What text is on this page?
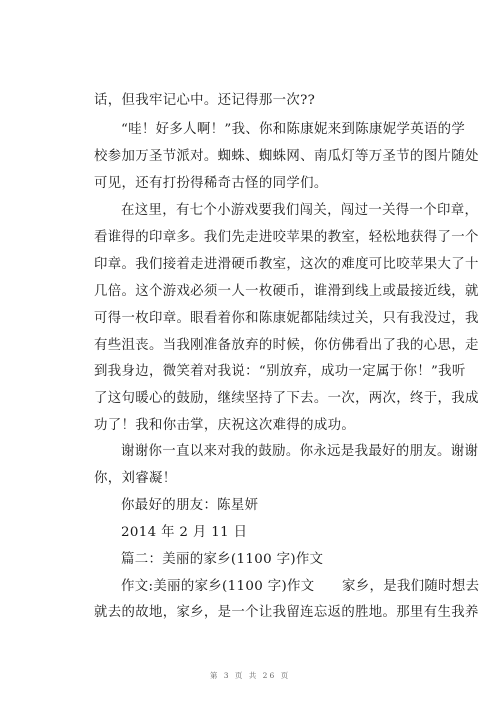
话，但我牢记心中。还记得那一次??
“哇！好多人啊！”我、你和陈康妮来到陈康妮学英语的学
校参加万圣节派对。蜘蛛、蜘蛛网、南瓜灯等万圣节的图片随处
可见，还有打扮得稀奇古怪的同学们。
在这里，有七个小游戏要我们闯关，闯过一关得一个印章，
看谁得的印章多。我们先走进咬苹果的教室，轻松地获得了一个
印章。我们接着走进滑硬币教室，这次的难度可比咬苹果大了十
几倍。这个游戏必须一人一枚硬币，谁滑到线上或最接近线，就
可得一枚印章。眼看着你和陈康妮都陆续过关，只有我没过，我
有些沮丧。当我刚准备放弃的时候，你仿佛看出了我的心思，走
到我身边，微笑着对我说：“别放弃，成功一定属于你！”我听
了这句暖心的鼓励，继续坚持了下去。一次，两次，终于，我成
功了！我和你击掌，庆祝这次难得的成功。
谢谢你一直以来对我的鼓励。你永远是我最好的朋友。谢谢
你，刘睿凝！
你最好的朋友：陈星妍
2014 年 2 月 11 日
篇二：美丽的家乡(1100 字)作文
作文:美丽的家乡(1100 字)作文　　家乡，是我们随时想去
就去的故地，家乡，是一个让我留连忘返的胜地。那里有生我养
第 3 页 共 26 页
